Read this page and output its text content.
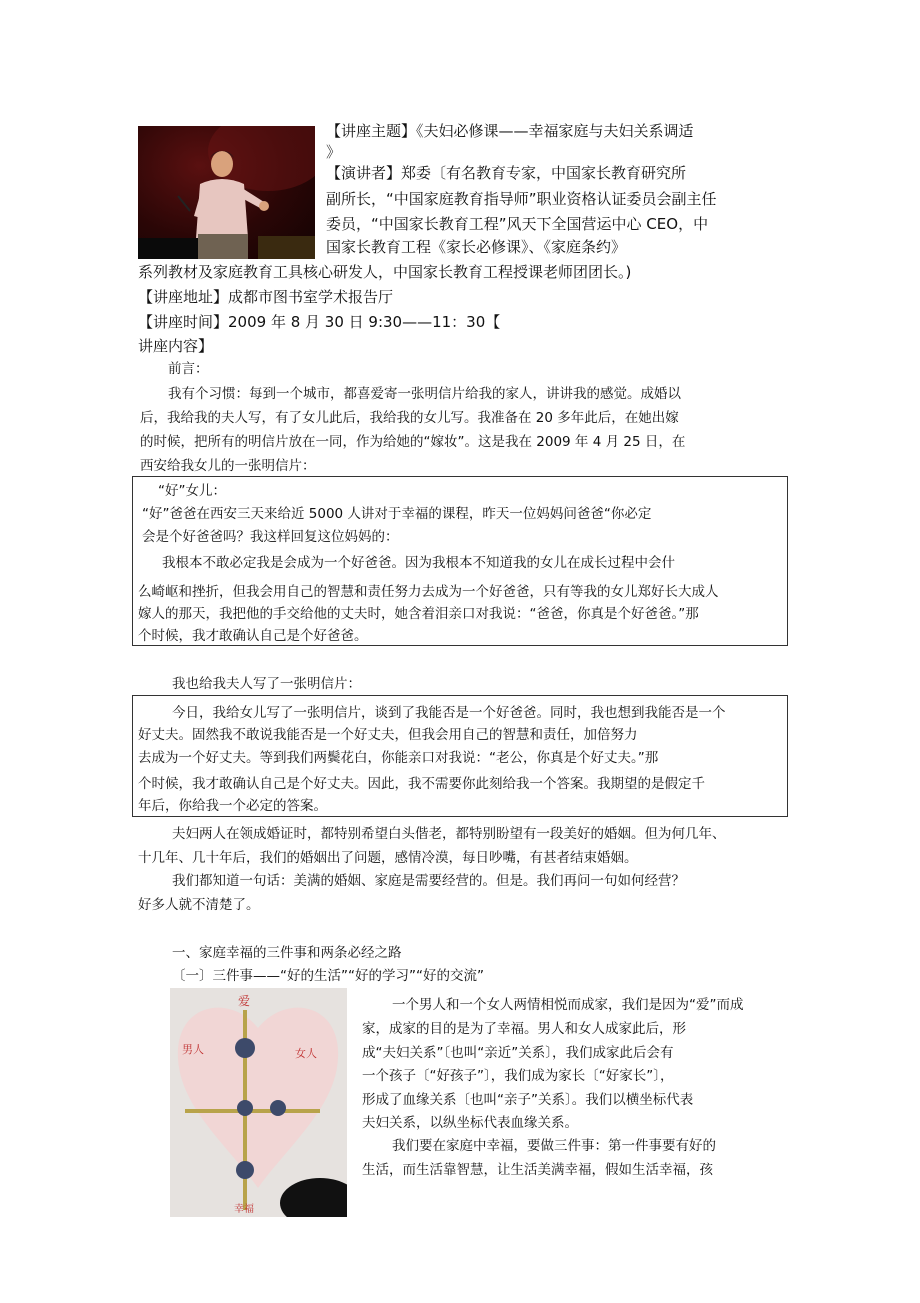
【讲座主题】《夫妇必修课——幸福家庭与夫妇关系调适
》
【演讲者】郑委〔有名教育专家，中国家长教育研究所
副所长，“中国家庭教育指导师”职业资格认证委员会副主任
委员，“中国家长教育工程”风天下全国营运中心 CEO，中
国家长教育工程《家长必修课》、《家庭条约》
系列教材及家庭教育工具核心研发人，中国家长教育工程授课老师团团长。)
【讲座地址】成都市图书室学术报告厅
【讲座时间】2009 年 8 月 30 日 9:30——11：30【
讲座内容】
前言：
我有个习惯：每到一个城市，都喜爱寄一张明信片给我的家人，讲讲我的感觉。成婚以
后，我给我的夫人写，有了女儿此后，我给我的女儿写。我准备在 20 多年此后，在她出嫁
的时候，把所有的明信片放在一同，作为给她的“嫁妆”。这是我在 2009 年 4 月 25 日，在
西安给我女儿的一张明信片：
“好”女儿：
“好”爸爸在西安三天来给近 5000 人讲对于幸福的课程，昨天一位妈妈问爸爸“你必定
会是个好爸爸吗？我这样回复这位妈妈的：
我根本不敢必定我是会成为一个好爸爸。因为我根本不知道我的女儿在成长过程中会什
么崎岖和挫折，但我会用自己的智慧和责任努力去成为一个好爸爸，只有等我的女儿郑好长大成人
嫁人的那天，我把他的手交给他的丈夫时，她含着泪亲口对我说：“爸爸，你真是个好爸爸。”那
个时候，我才敢确认自己是个好爸爸。
我也给我夫人写了一张明信片：
今日，我给女儿写了一张明信片，谈到了我能否是一个好爸爸。同时，我也想到我能否是一个
好丈夫。固然我不敢说我能否是一个好丈夫，但我会用自己的智慧和责任，加倍努力
去成为一个好丈夫。等到我们两鬓花白，你能亲口对我说：“老公，你真是个好丈夫。”那
个时候，我才敢确认自己是个好丈夫。因此，我不需要你此刻给我一个答案。我期望的是假定千
年后，你给我一个必定的答案。
夫妇两人在领成婚证时，都特别希望白头偕老，都特别盼望有一段美好的婚姻。但为何几年、
十几年、几十年后，我们的婚姻出了问题，感情冷漠，每日吵嘴，有甚者结束婚姻。
我们都知道一句话：美满的婚姻、家庭是需要经营的。但是。我们再问一句如何经营？
好多人就不清楚了。
一、家庭幸福的三件事和两条必经之路
〔一〕三件事——“好的生活”“好的学习”“好的交流”
爱
男人	女人
幸福
一个男人和一个女人两情相悦而成家，我们是因为“爱”而成
家，成家的目的是为了幸福。男人和女人成家此后，形
成“夫妇关系”〔也叫“亲近”关系〕，我们成家此后会有
一个孩子〔“好孩子”〕，我们成为家长〔“好家长”〕，
形成了血缘关系〔也叫“亲子”关系〕。我们以横坐标代表
夫妇关系，以纵坐标代表血缘关系。
我们要在家庭中幸福，要做三件事：第一件事要有好的
生活，而生活靠智慧，让生活美满幸福，假如生活幸福，孩
